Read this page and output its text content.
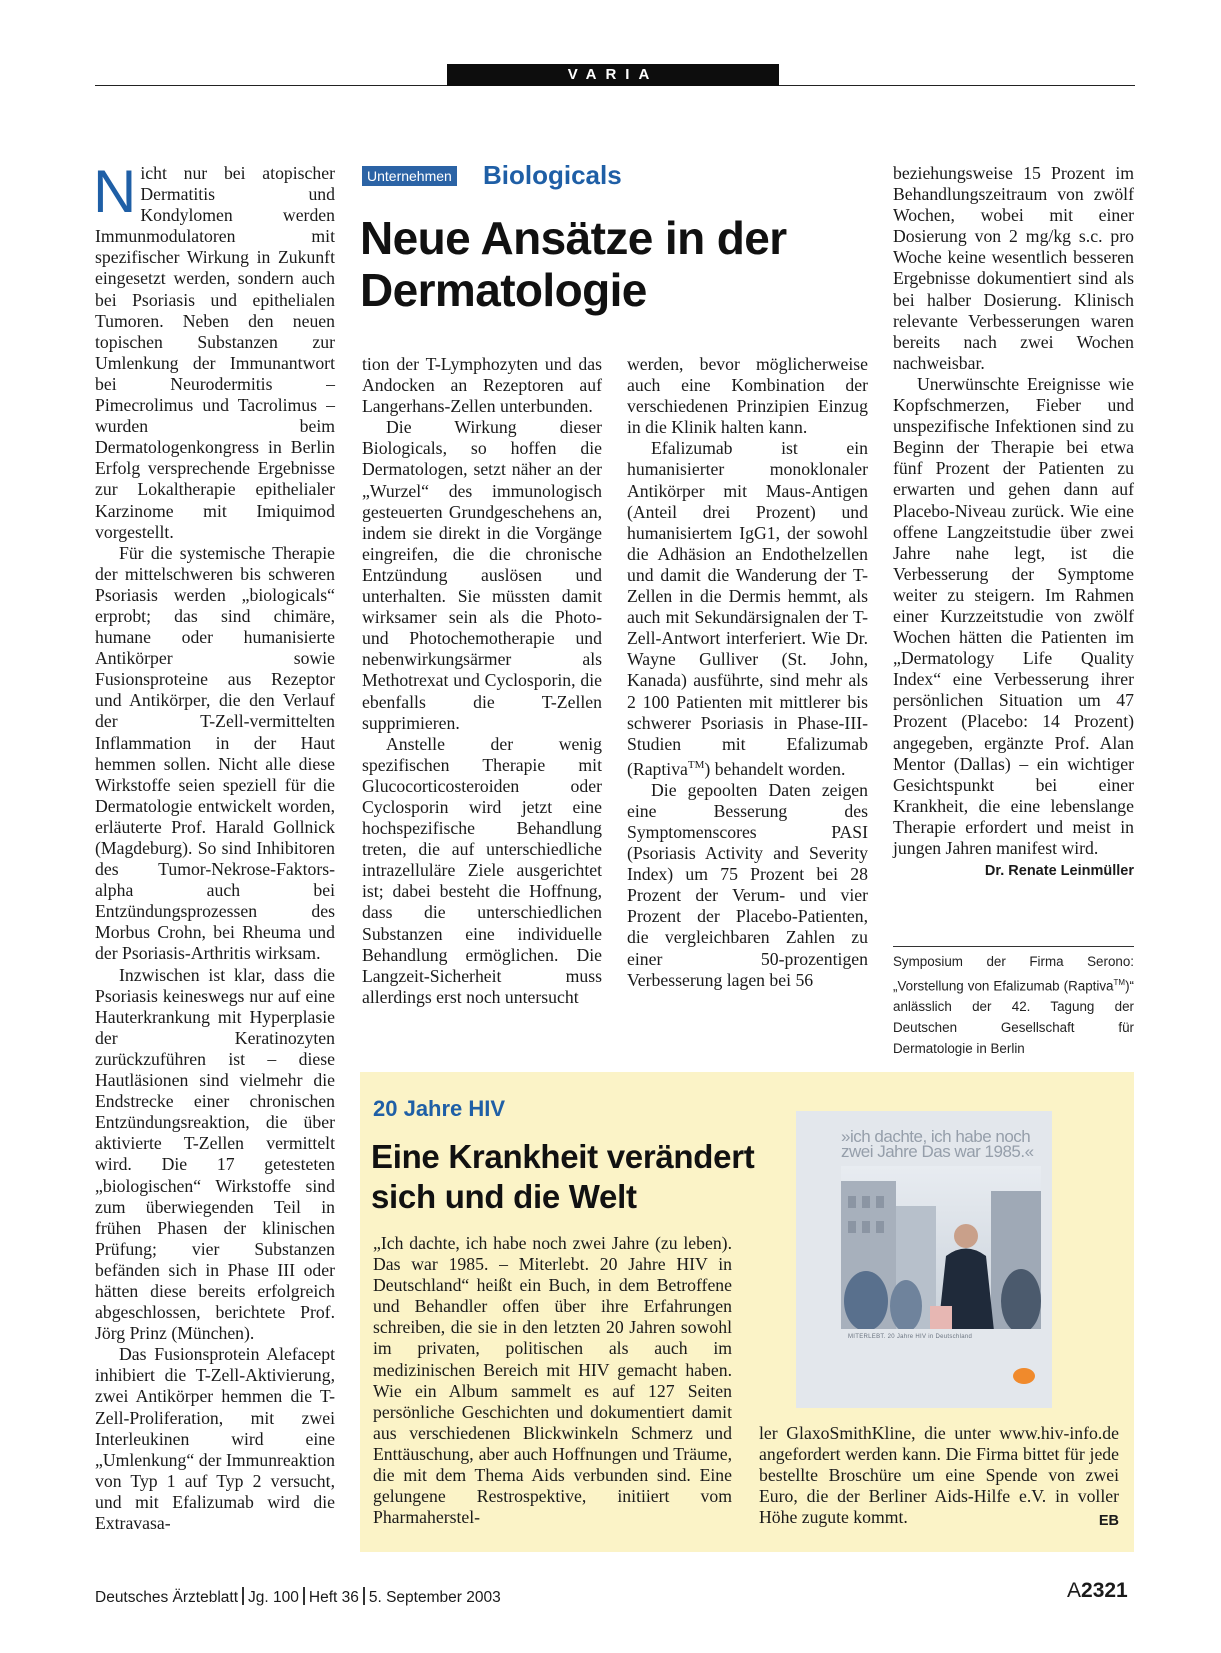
VARIA
Unternehmen Biologicals
Neue Ansätze in der Dermatologie

Nicht nur bei atopischer Dermatitis und Kondylomen werden Immunmodulatoren mit spezifischer Wirkung in Zukunft eingesetzt werden, sondern auch bei Psoriasis und epithelialen Tumoren. Neben den neuen topischen Substanzen zur Umlenkung der Immunantwort bei Neurodermitis – Pimecrolimus und Tacrolimus – wurden beim Dermatologenkongress in Berlin Erfolg versprechende Ergebnisse zur Lokaltherapie epithelialer Karzinome mit Imiquimod vorgestellt.

Für die systemische Therapie der mittelschweren bis schweren Psoriasis werden „biologicals“ erprobt; das sind chimäre, humane oder humanisierte Antikörper sowie Fusionsproteine aus Rezeptor und Antikörper, die den Verlauf der T-Zell-vermittelten Inflammation in der Haut hemmen sollen. Nicht alle diese Wirkstoffe seien speziell für die Dermatologie entwickelt worden, erläuterte Prof. Harald Gollnick (Magdeburg). So sind Inhibitoren des Tumor-Nekrose-Faktors-alpha auch bei Entzündungsprozessen des Morbus Crohn, bei Rheuma und der Psoriasis-Arthritis wirksam.

Inzwischen ist klar, dass die Psoriasis keineswegs nur auf eine Hauterkrankung mit Hyperplasie der Keratinozyten zurückzuführen ist – diese Hautläsionen sind vielmehr die Endstrecke einer chronischen Entzündungsreaktion, die über aktivierte T-Zellen vermittelt wird. Die 17 getesteten „biologischen“ Wirkstoffe sind zum überwiegenden Teil in frühen Phasen der klinischen Prüfung; vier Substanzen befänden sich in Phase III oder hätten diese bereits erfolgreich abgeschlossen, berichtete Prof. Jörg Prinz (München).

Das Fusionsprotein Alefacept inhibiert die T-Zell-Aktivierung, zwei Antikörper hemmen die T-Zell-Proliferation, mit zwei Interleukinen wird eine „Umlenkung“ der Immunreaktion von Typ 1 auf Typ 2 versucht, und mit Efalizumab wird die Extravasa-

tion der T-Lymphozyten und das Andocken an Rezeptoren auf Langerhans-Zellen unterbunden.

Die Wirkung dieser Biologicals, so hoffen die Dermatologen, setzt näher an der „Wurzel“ des immunologisch gesteuerten Grundgeschehens an, indem sie direkt in die Vorgänge eingreifen, die die chronische Entzündung auslösen und unterhalten. Sie müssten damit wirksamer sein als die Photo- und Photochemotherapie und nebenwirkungsärmer als Methotrexat und Cyclosporin, die ebenfalls die T-Zellen supprimieren.

Anstelle der wenig spezifischen Therapie mit Glucocorticosteroiden oder Cyclosporin wird jetzt eine hochspezifische Behandlung treten, die auf unterschiedliche intrazelluläre Ziele ausgerichtet ist; dabei besteht die Hoffnung, dass die unterschiedlichen Substanzen eine individuelle Behandlung ermöglichen. Die Langzeit-Sicherheit muss allerdings erst noch untersucht

werden, bevor möglicherweise auch eine Kombination der verschiedenen Prinzipien Einzug in die Klinik halten kann.

Efalizumab ist ein humanisierter monoklonaler Antikörper mit Maus-Antigen (Anteil drei Prozent) und humanisiertem IgG1, der sowohl die Adhäsion an Endothelzellen und damit die Wanderung der T-Zellen in die Dermis hemmt, als auch mit Sekundärsignalen der T-Zell-Antwort interferiert. Wie Dr. Wayne Gulliver (St. John, Kanada) ausführte, sind mehr als 2 100 Patienten mit mittlerer bis schwerer Psoriasis in Phase-III-Studien mit Efalizumab (Raptiva™) behandelt worden.

Die gepoolten Daten zeigen eine Besserung des Symptomenscores PASI (Psoriasis Activity and Severity Index) um 75 Prozent bei 28 Prozent der Verum- und vier Prozent der Placebo-Patienten, die vergleichbaren Zahlen zu einer 50-prozentigen Verbesserung lagen bei 56

beziehungsweise 15 Prozent im Behandlungszeitraum von zwölf Wochen, wobei mit einer Dosierung von 2 mg/kg s.c. pro Woche keine wesentlich besseren Ergebnisse dokumentiert sind als bei halber Dosierung. Klinisch relevante Verbesserungen waren bereits nach zwei Wochen nachweisbar.

Unerwünschte Ereignisse wie Kopfschmerzen, Fieber und unspezifische Infektionen sind zu Beginn der Therapie bei etwa fünf Prozent der Patienten zu erwarten und gehen dann auf Placebo-Niveau zurück. Wie eine offene Langzeitstudie über zwei Jahre nahe legt, ist die Verbesserung der Symptome weiter zu steigern. Im Rahmen einer Kurzzeitstudie von zwölf Wochen hätten die Patienten im „Dermatology Life Quality Index“ eine Verbesserung ihrer persönlichen Situation um 47 Prozent (Placebo: 14 Prozent) angegeben, ergänzte Prof. Alan Mentor (Dallas) – ein wichtiger Gesichtspunkt bei einer Krankheit, die eine lebenslange Therapie erfordert und meist in jungen Jahren manifest wird.
Dr. Renate Leinmüller

Symposium der Firma Serono: „Vorstellung von Efalizumab (Raptiva™)“ anlässlich der 42. Tagung der Deutschen Gesellschaft für Dermatologie in Berlin
20 Jahre HIV
Eine Krankheit verändert sich und die Welt

„Ich dachte, ich habe noch zwei Jahre (zu leben). Das war 1985. – Miterlebt. 20 Jahre HIV in Deutschland“ heißt ein Buch, in dem Betroffene und Behandler offen über ihre Erfahrungen schreiben, die sie in den letzten 20 Jahren sowohl im privaten, politischen als auch im medizinischen Bereich mit HIV gemacht haben. Wie ein Album sammelt es auf 127 Seiten persönliche Geschichten und dokumentiert damit aus verschiedenen Blickwinkeln Schmerz und Enttäuschung, aber auch Hoffnungen und Träume, die mit dem Thema Aids verbunden sind. Eine gelungene Restrospektive, initiiert vom Pharmaherstel-

ler GlaxoSmithKline, die unter www.hiv-info.de angefordert werden kann. Die Firma bittet für jede bestellte Broschüre um eine Spende von zwei Euro, die der Berliner Aids-Hilfe e.V. in voller Höhe zugute kommt.	EB

»ich dachte, ich habe noch zwei Jahre Das war 1985.«

MITERLEBT. 20 Jahre HIV in Deutschland
Deutsches Ärzteblatt Jg. 100 Heft 36 5. September 2003	A2321
